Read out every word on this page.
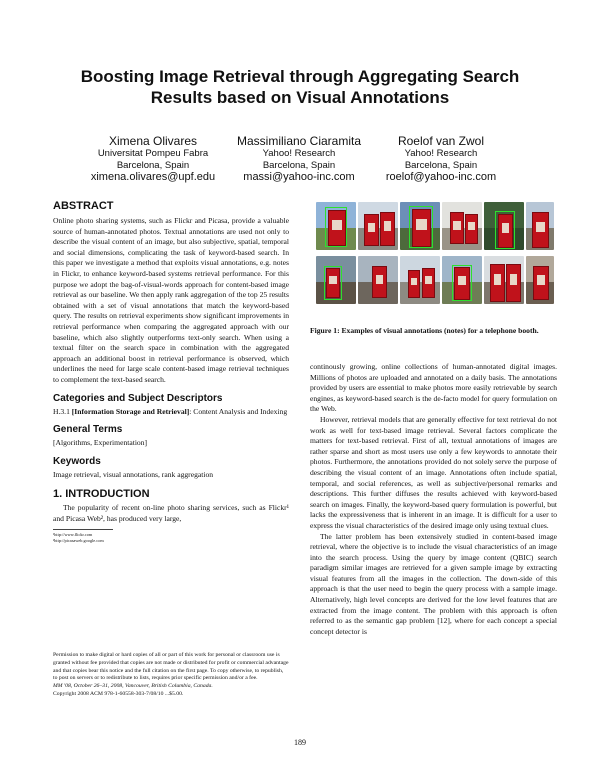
Boosting Image Retrieval through Aggregating Search
Results based on Visual Annotations
Ximena Olivares
Universitat Pompeu Fabra
Barcelona, Spain
ximena.olivares@upf.edu
Massimiliano Ciaramita
Yahoo! Research
Barcelona, Spain
massi@yahoo-inc.com
Roelof van Zwol
Yahoo! Research
Barcelona, Spain
roelof@yahoo-inc.com
ABSTRACT

Online photo sharing systems, such as Flickr and Picasa, provide a valuable source of human-annotated photos. Textual annotations are used not only to describe the visual content of an image, but also subjective, spatial, temporal and social dimensions, complicating the task of keyword-based search. In this paper we investigate a method that exploits visual annotations, e.g. notes in Flickr, to enhance keyword-based systems retrieval performance. For this purpose we adopt the bag-of-visual-words approach for content-based image retrieval as our baseline. We then apply rank aggregation of the top 25 results obtained with a set of visual annotations that match the keyword-based query. The results on retrieval experiments show significant improvements in retrieval performance when comparing the aggregated approach with our baseline, which also slightly outperforms text-only search. When using a textual filter on the search space in combination with the aggregated approach an additional boost in retrieval performance is observed, which underlines the need for large scale content-based image retrieval techniques to complement the text-based search.

Categories and Subject Descriptors

H.3.1 [Information Storage and Retrieval]: Content Analysis and Indexing

General Terms

[Algorithms, Experimentation]

Keywords

Image retrieval, visual annotations, rank aggregation

1. INTRODUCTION

The popularity of recent on-line photo sharing services, such as Flickr¹ and Picasa Web², has produced very large,

¹http://www.flickr.com
²http://picasaweb.google.com
Permission to make digital or hard copies of all or part of this work for personal or classroom use is granted without fee provided that copies are not made or distributed for profit or commercial advantage and that copies bear this notice and the full citation on the first page. To copy otherwise, to republish, to post on servers or to redistribute to lists, requires prior specific permission and/or a fee.
MM '08, October 26–31, 2008, Vancouver, British Columbia, Canada.
Copyright 2008 ACM 978-1-60558-303-7/08/10 ...$5.00.
Figure 1: Examples of visual annotations (notes) for a telephone booth.

continously growing, online collections of human-annotated digital images. Millions of photos are uploaded and annotated on a daily basis. The annotations provided by users are essential to make photos more easily retrievable by search engines, as keyword-based search is the de-facto model for query formulation on the Web.

However, retrieval models that are generally effective for text retrieval do not work as well for text-based image retrieval. Several factors complicate the matters for text-based retrieval. First of all, textual annotations of images are rather sparse and short as most users use only a few keywords to annotate their photos. Furthermore, the annotations provided do not solely serve the purpose of describing the visual content of an image. Annotations often include spatial, temporal, and social references, as well as subjective/personal remarks and descriptions. This further diffuses the results achieved with keyword-based search on images. Finally, the keyword-based query formulation is powerful, but lacks the expressiveness that is inherent in an image. It is difficult for a user to express the visual characteristics of the desired image only using textual clues.

The latter problem has been extensively studied in content-based image retrieval, where the objective is to include the visual characteristics of an image into the search process. Using the query by image content (QBIC) search paradigm similar images are retrieved for a given sample image by extracting visual features from all the images in the collection. The down-side of this approach is that the user need to begin the query process with a sample image. Alternatively, high level concepts are derived for the low level features that are extracted from the image content. The problem with this approach is often referred to as the semantic gap problem [12], where for each concept a special concept detector is

189
